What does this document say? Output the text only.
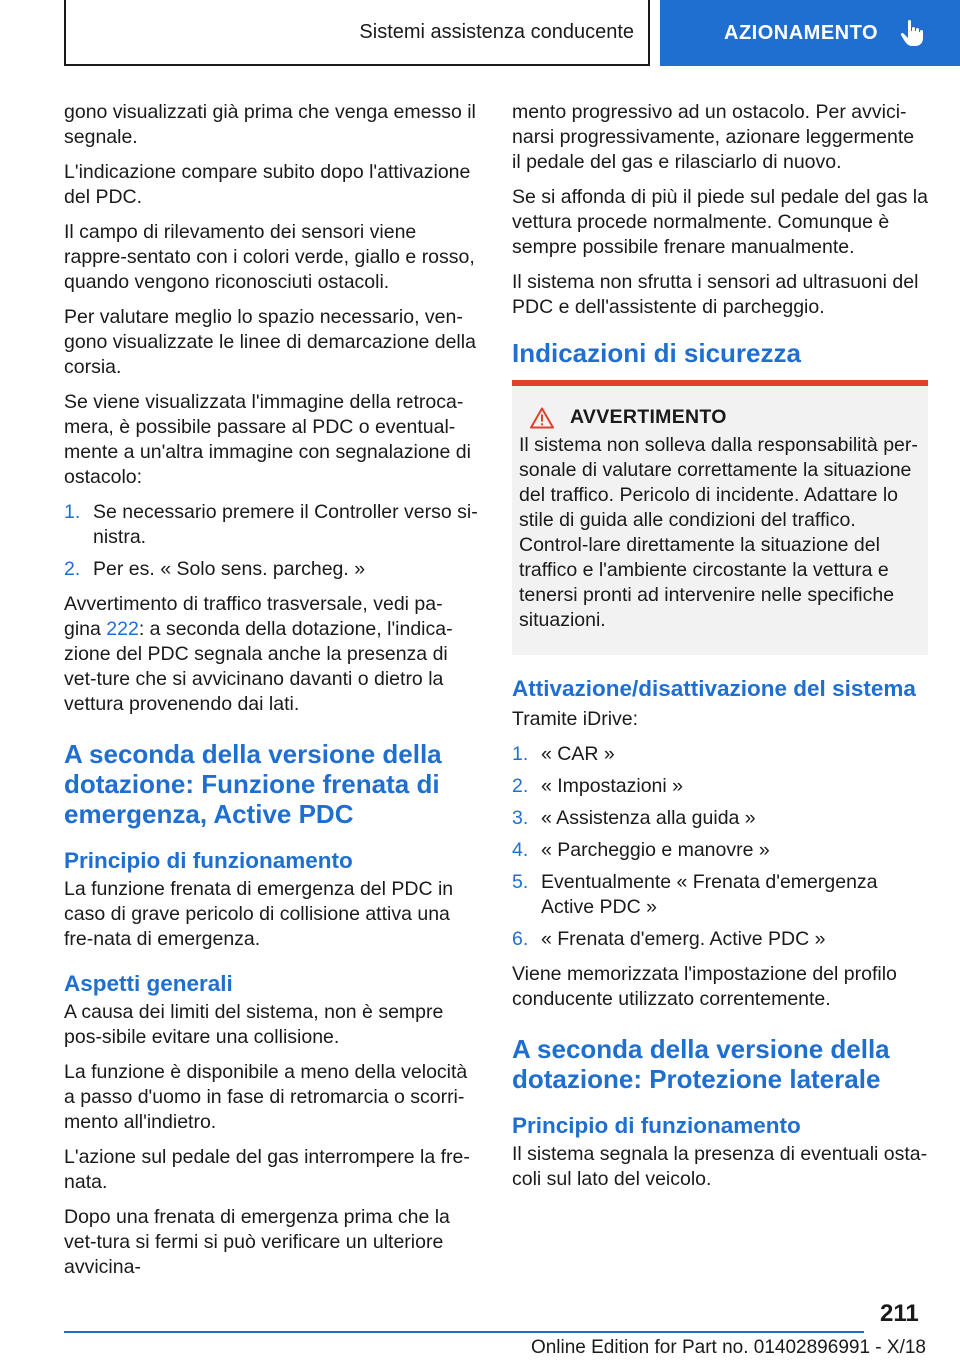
Sistemi assistenza conducente	AZIONAMENTO

gono visualizzati già prima che venga emesso il segnale.

L'indicazione compare subito dopo l'attivazione del PDC.

Il campo di rilevamento dei sensori viene rappre‐sentato con i colori verde, giallo e rosso, quando vengono riconosciuti ostacoli.

Per valutare meglio lo spazio necessario, ven‐gono visualizzate le linee di demarcazione della corsia.

Se viene visualizzata l'immagine della retroca‐mera, è possibile passare al PDC o eventual‐mente a un'altra immagine con segnalazione di ostacolo:

1. Se necessario premere il Controller verso si‐nistra.
2. Per es. « Solo sens. parcheg. »

Avvertimento di traffico trasversale, vedi pa‐gina 222: a seconda della dotazione, l'indica‐zione del PDC segnala anche la presenza di vet‐ture che si avvicinano davanti o dietro la vettura provenendo dai lati.

A seconda della versione della dotazione: Funzione frenata di emergenza, Active PDC
Principio di funzionamento

La funzione frenata di emergenza del PDC in caso di grave pericolo di collisione attiva una fre‐nata di emergenza.

Aspetti generali

A causa dei limiti del sistema, non è sempre pos‐sibile evitare una collisione.

La funzione è disponibile a meno della velocità a passo d'uomo in fase di retromarcia o scorri‐mento all'indietro.

L'azione sul pedale del gas interrompere la fre‐nata.

Dopo una frenata di emergenza prima che la vet‐tura si fermi si può verificare un ulteriore avvicina‐

mento progressivo ad un ostacolo. Per avvici‐narsi progressivamente, azionare leggermente il pedale del gas e rilasciarlo di nuovo.

Se si affonda di più il piede sul pedale del gas la vettura procede normalmente. Comunque è sempre possibile frenare manualmente.

Il sistema non sfrutta i sensori ad ultrasuoni del PDC e dell'assistente di parcheggio.

Indicazioni di sicurezza
AVVERTIMENTO

Il sistema non solleva dalla responsabilità per‐sonale di valutare correttamente la situazione del traffico. Pericolo di incidente. Adattare lo stile di guida alle condizioni del traffico. Control‐lare direttamente la situazione del traffico e l'ambiente circostante la vettura e tenersi pronti ad intervenire nelle specifiche situazioni.

Attivazione/disattivazione del sistema

Tramite iDrive:

1. « CAR »
2. « Impostazioni »
3. « Assistenza alla guida »
4. « Parcheggio e manovre »
5. Eventualmente « Frenata d'emergenza Active PDC »
6. « Frenata d'emerg. Active PDC »

Viene memorizzata l'impostazione del profilo conducente utilizzato correntemente.

A seconda della versione della dotazione: Protezione laterale
Principio di funzionamento

Il sistema segnala la presenza di eventuali osta‐coli sul lato del veicolo.

211
Online Edition for Part no. 01402896991 - X/18
